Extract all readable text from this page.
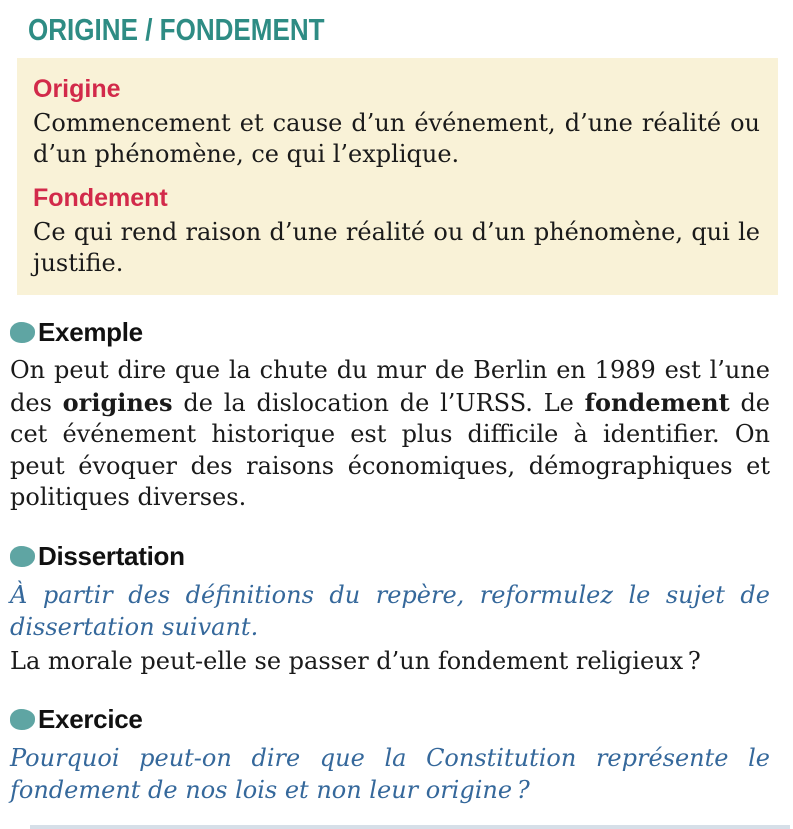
ORIGINE / FONDEMENT
Origine

Commencement et cause d’un événement, d’une réalité ou d’un phénomène, ce qui l’explique.

Fondement

Ce qui rend raison d’une réalité ou d’un phénomène, qui le justifie.

Exemple

On peut dire que la chute du mur de Berlin en 1989 est l’une des origines de la dislocation de l’URSS. Le fondement de cet événement historique est plus difficile à identifier. On peut évoquer des raisons économiques, démographiques et politiques diverses.

Dissertation

À partir des définitions du repère, reformulez le sujet de dissertation suivant.

La morale peut-elle se passer d’un fondement religieux ?

Exercice

Pourquoi peut-on dire que la Constitution représente le fondement de nos lois et non leur origine ?
